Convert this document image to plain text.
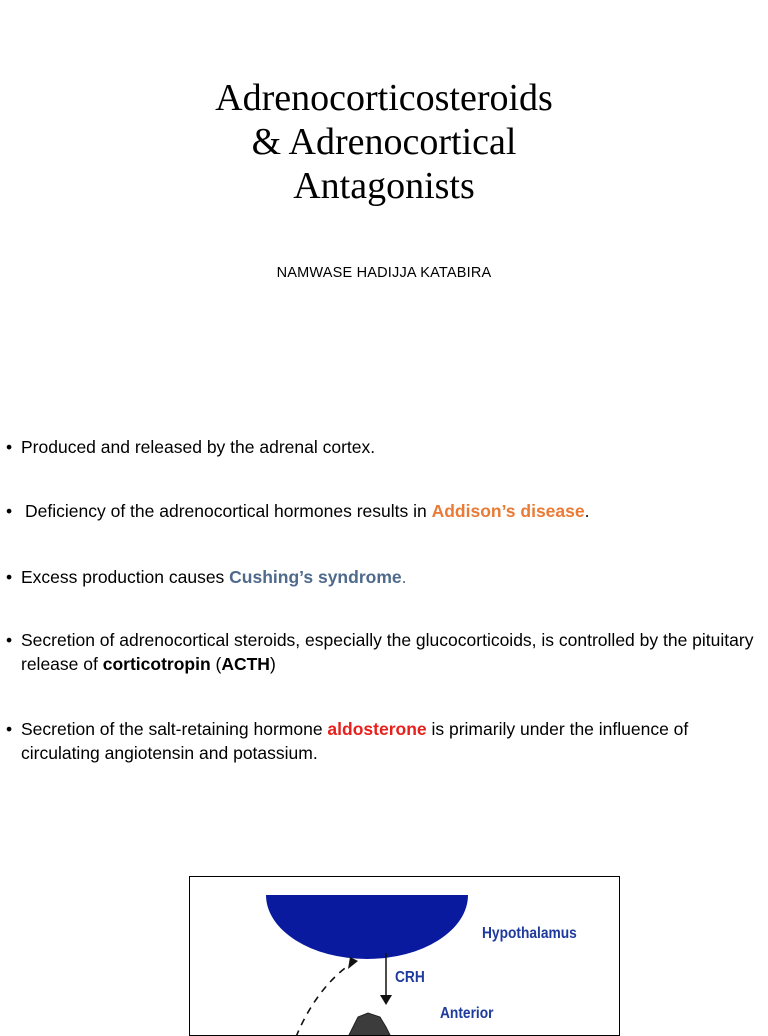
Adrenocorticosteroids
& Adrenocortical
Antagonists
NAMWASE HADIJJA KATABIRA
• Produced and released by the adrenal cortex.
• Deficiency of the adrenocortical hormones results in Addison’s disease.
• Excess production causes Cushing’s syndrome.
• Secretion of adrenocortical steroids, especially the glucocorticoids, is controlled by the pituitary release of corticotropin (ACTH)
• Secretion of the salt-retaining hormone aldosterone is primarily under the influence of circulating angiotensin and potassium.
Hypothalamus
CRH
Anterior
